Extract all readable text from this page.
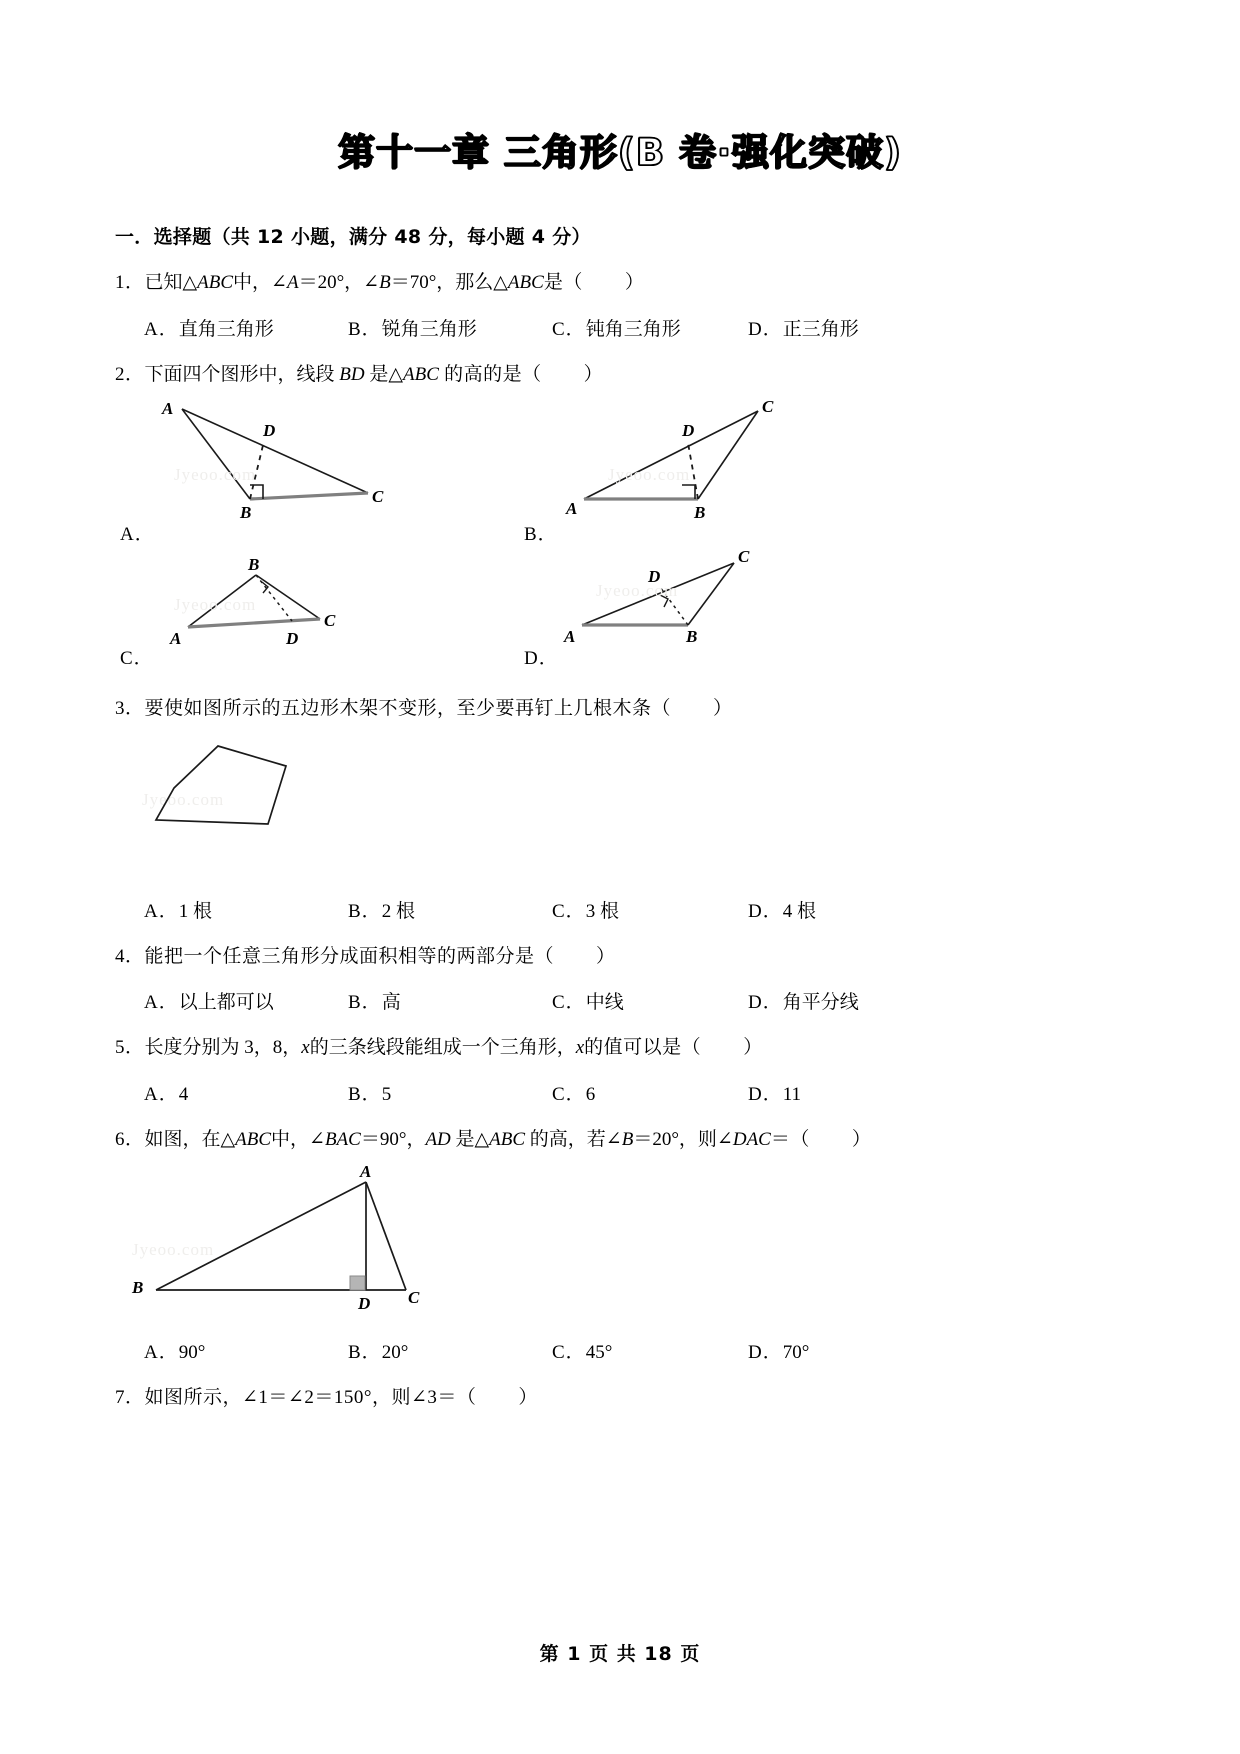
第十一章 三角形(B 卷·强化突破)
一．选择题（共 12 小题，满分 48 分，每小题 4 分）
1．已知△ABC中，∠A＝20°，∠B＝70°，那么△ABC是（ ）
A．直角三角形	B．锐角三角形	C．钝角三角形	D．正三角形
2．下面四个图形中，线段 BD 是△ABC 的高的是（ ）
Jyeoo.com
A
D
B
C
A．
Jyeoo.com
D
C
A	B
B．
Jyeoo.com
B
A	D
C
C．
Jyeoo.com
D
C
A	B
D．
3．要使如图所示的五边形木架不变形，至少要再钉上几根木条（ ）
Jyeoo.com
A．1 根	B．2 根	C．3 根	D．4 根
4．能把一个任意三角形分成面积相等的两部分是（ ）
A．以上都可以	B．高	C．中线	D．角平分线
5．长度分别为 3，8，x的三条线段能组成一个三角形，x的值可以是（ ）
A．4	B．5	C．6	D．11
6．如图，在△ABC中，∠BAC＝90°，AD 是△ABC 的高，若∠B＝20°，则∠DAC＝（ ）
Jyeoo.com
A
B
D C
A．90°	B．20°	C．45°	D．70°
7．如图所示，∠1＝∠2＝150°，则∠3＝（ ）
第 1 页 共 18 页
